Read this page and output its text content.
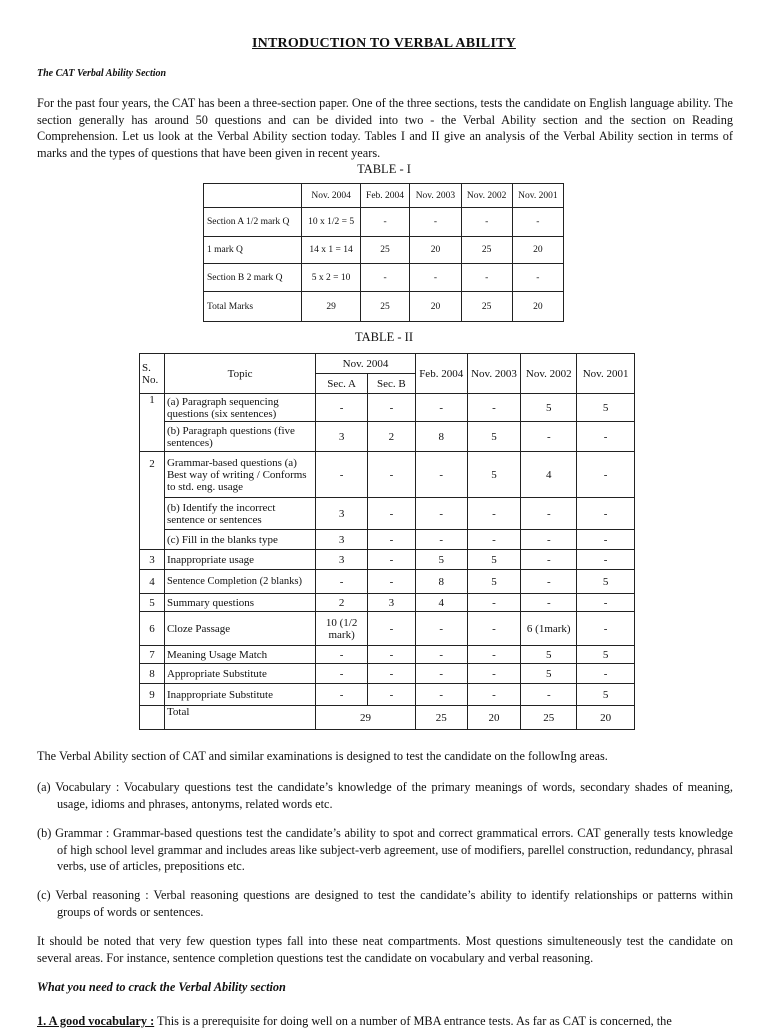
INTRODUCTION TO VERBAL ABILITY
The CAT Verbal Ability Section
For the past four years, the CAT has been a three-section paper. One of the three sections, tests the candidate on English language ability. The section generally has around 50 questions and can be divided into two - the Verbal Ability section and the section on Reading Comprehension. Let us look at the Verbal Ability section today. Tables I and II give an analysis of the Verbal Ability section in terms of marks and the types of questions that have been given in recent years.
TABLE - I
	Nov. 2004	Feb. 2004	Nov. 2003	Nov. 2002	Nov. 2001
Section A 1/2 mark Q	10 x 1/2 = 5	-	-	-	-
1 mark Q	14 x 1 = 14	25	20	25	20
Section B 2 mark Q	5 x 2 = 10	-	-	-	-
Total Marks	29	25	20	25	20
TABLE - II
S. No.	Topic	Nov. 2004		Feb. 2004	Nov. 2003	Nov. 2002	Nov. 2001
		Sec. A	Sec. B				
1	(a) Paragraph sequencing questions (six sentences)	-	-	-	-	5	5
	(b) Paragraph questions (five sentences)	3	2	8	5	-	-
2	Grammar-based questions (a) Best way of writing / Conforms to std. eng. usage	-	-	-	5	4	-
	(b) Identify the incorrect sentence or sentences	3	-	-	-	-	-
	(c) Fill in the blanks type	3	-	-	-	-	-
3	Inappropriate usage	3	-	5	5	-	-
4	Sentence Completion (2 blanks)	-	-	8	5	-	5
5	Summary questions	2	3	4	-	-	-
6	Cloze Passage	10 (1/2 mark)	-	-	-	6 (1mark)	-
7	Meaning Usage Match	-	-	-	-	5	5
8	Appropriate Substitute	-	-	-	-	5	-
9	Inappropriate Substitute	-	-	-	-	-	5
	Total	29		25	20	25	20
The Verbal Ability section of CAT and similar examinations is designed to test the candidate on the followIng areas.
(a) Vocabulary : Vocabulary questions test the candidate’s knowledge of the primary meanings of words, secondary shades of meaning, usage, idioms and phrases, antonyms, related words etc.
(b) Grammar : Grammar-based questions test the candidate’s ability to spot and correct grammatical errors. CAT generally tests knowledge of high school level grammar and includes areas like subject-verb agreement, use of modifiers, parellel construction, redundancy, phrasal verbs, use of articles, prepositions etc.
(c) Verbal reasoning : Verbal reasoning questions are designed to test the candidate’s ability to identify relationships or patterns within groups of words or sentences.
It should be noted that very few question types fall into these neat compartments. Most questions simulteneously test the candidate on several areas. For instance, sentence completion questions test the candidate on vocabulary and verbal reasoning.
What you need to crack the Verbal Ability section
1. A good vocabulary : This is a prerequisite for doing well on a number of MBA entrance tests. As far as CAT is concerned, the
